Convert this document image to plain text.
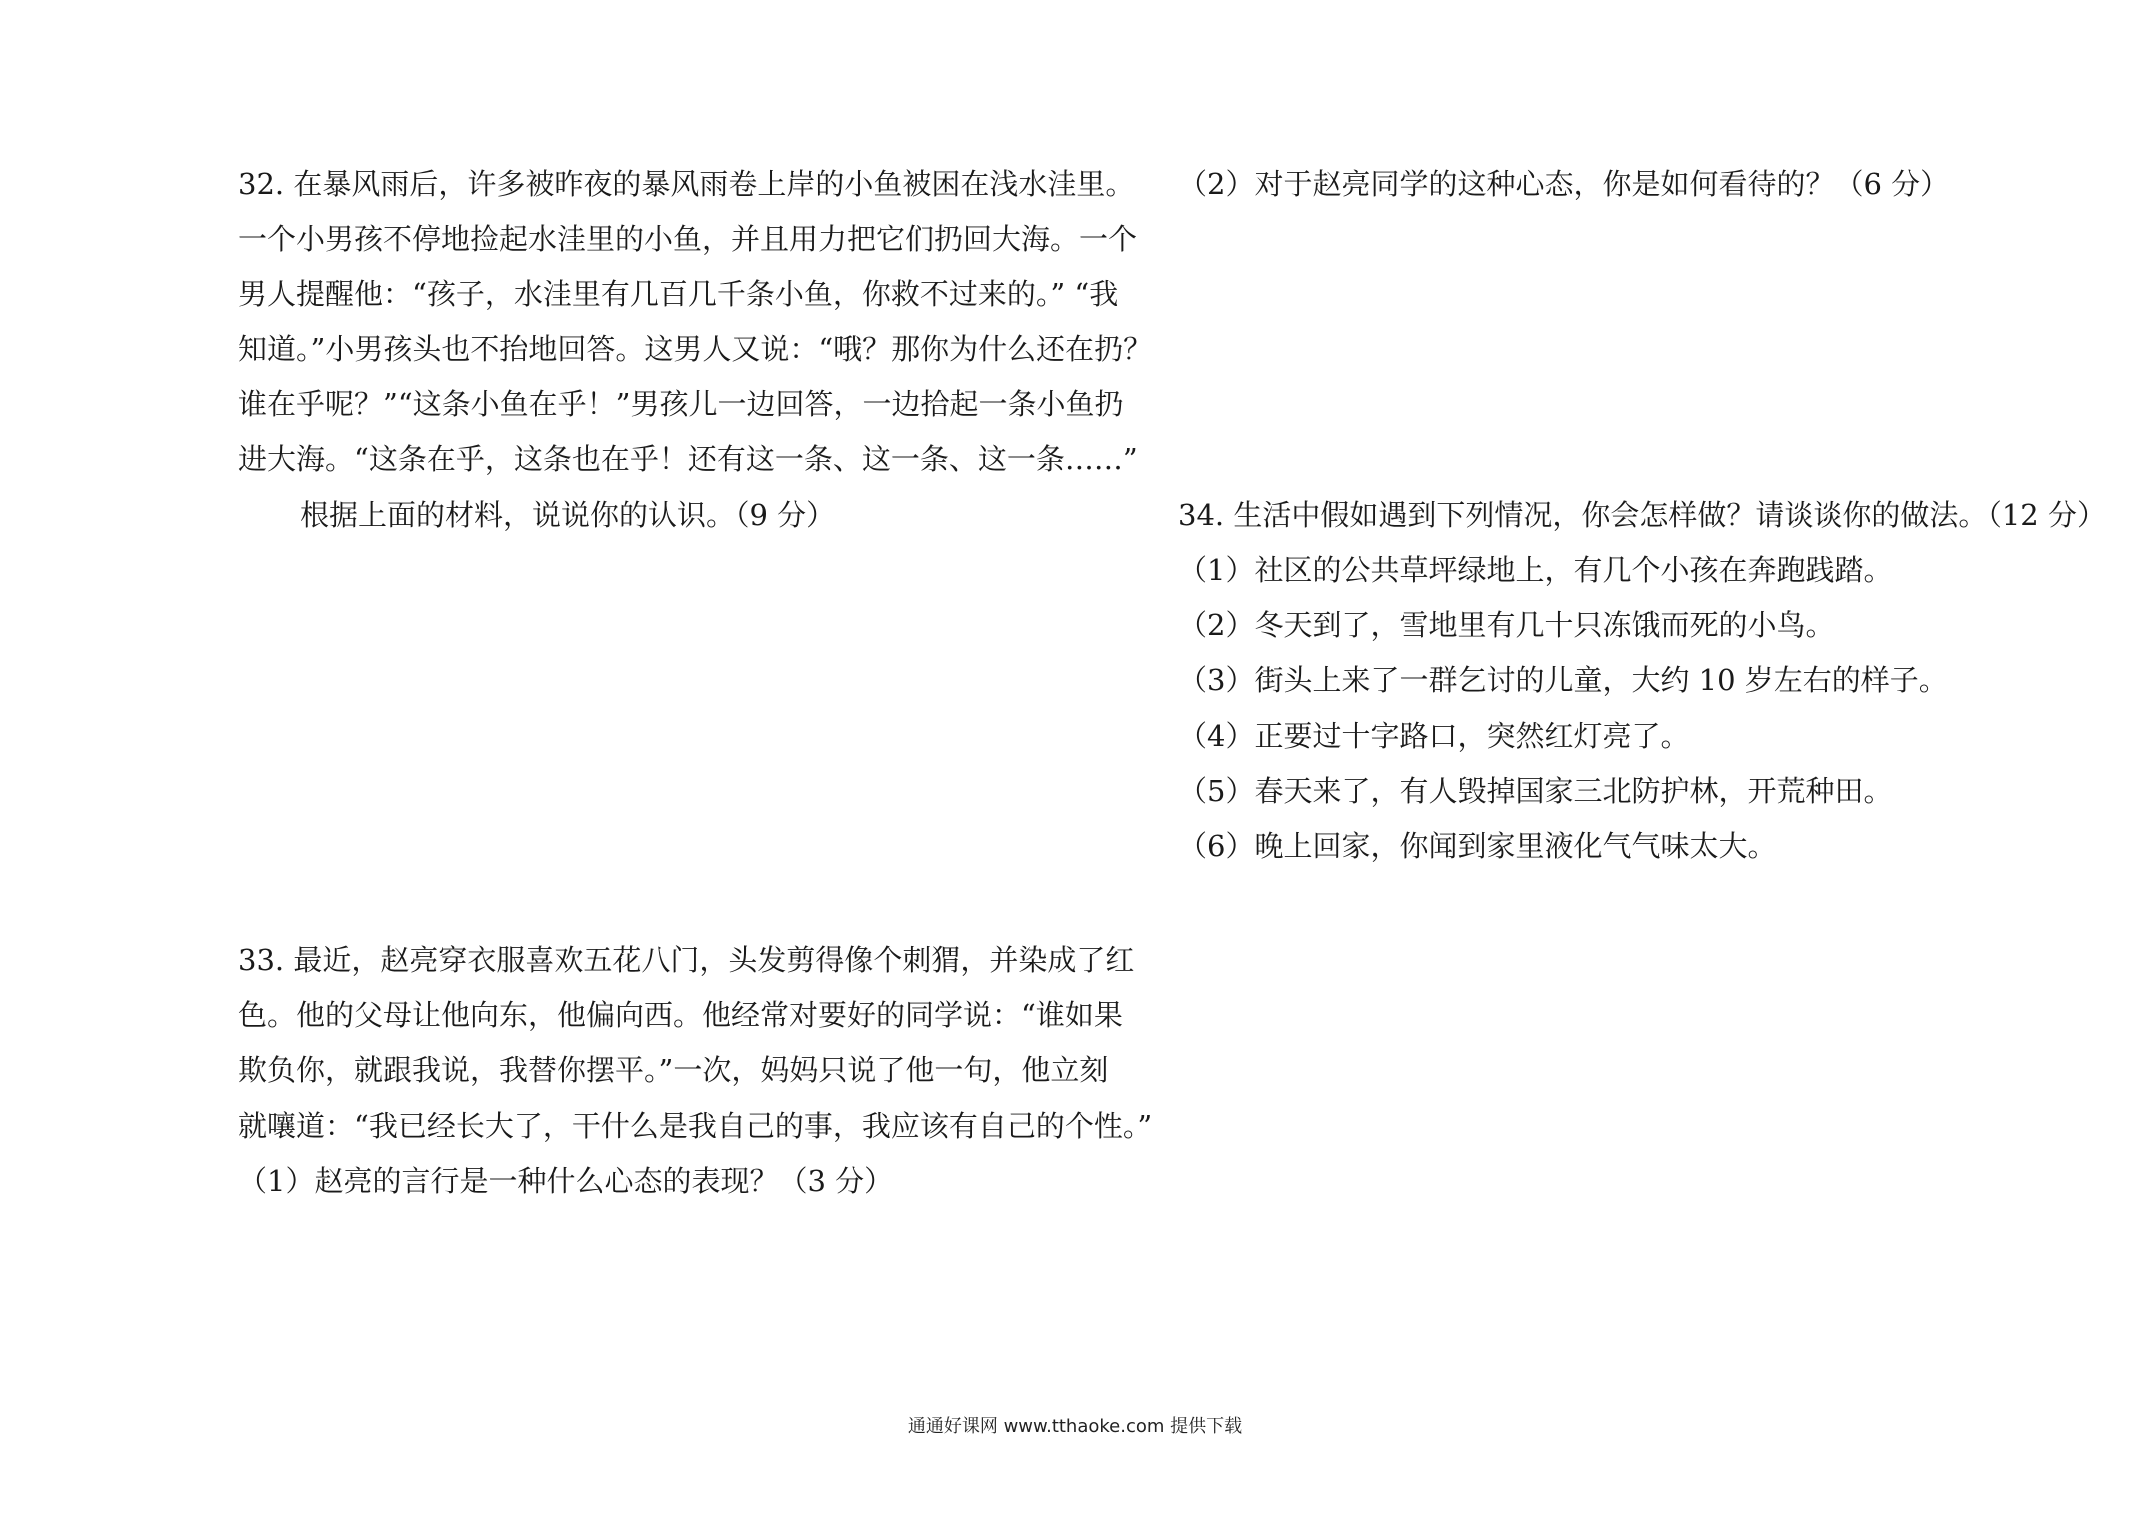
32. 在暴风雨后，许多被昨夜的暴风雨卷上岸的小鱼被困在浅水洼里。
一个小男孩不停地捡起水洼里的小鱼，并且用力把它们扔回大海。一个
男人提醒他：“孩子，水洼里有几百几千条小鱼，你救不过来的。” “我
知道。”小男孩头也不抬地回答。这男人又说：“哦？那你为什么还在扔？
谁在乎呢？”“这条小鱼在乎！”男孩儿一边回答，一边拾起一条小鱼扔
进大海。“这条在乎，这条也在乎！还有这一条、这一条、这一条……”
根据上面的材料，说说你的认识。（9 分）
33. 最近，赵亮穿衣服喜欢五花八门，头发剪得像个刺猬，并染成了红
色。他的父母让他向东，他偏向西。他经常对要好的同学说：“谁如果
欺负你，就跟我说，我替你摆平。”一次，妈妈只说了他一句，他立刻
就嚷道：“我已经长大了，干什么是我自己的事，我应该有自己的个性。”
（1）赵亮的言行是一种什么心态的表现？（3 分）
（2）对于赵亮同学的这种心态，你是如何看待的？（6 分）
34. 生活中假如遇到下列情况，你会怎样做？请谈谈你的做法。（12 分）
（1）社区的公共草坪绿地上，有几个小孩在奔跑践踏。
（2）冬天到了，雪地里有几十只冻饿而死的小鸟。
（3）街头上来了一群乞讨的儿童，大约 10 岁左右的样子。
（4）正要过十字路口，突然红灯亮了。
（5）春天来了，有人毁掉国家三北防护林，开荒种田。
（6）晚上回家，你闻到家里液化气气味太大。
通通好课网 www.tthaoke.com 提供下载
